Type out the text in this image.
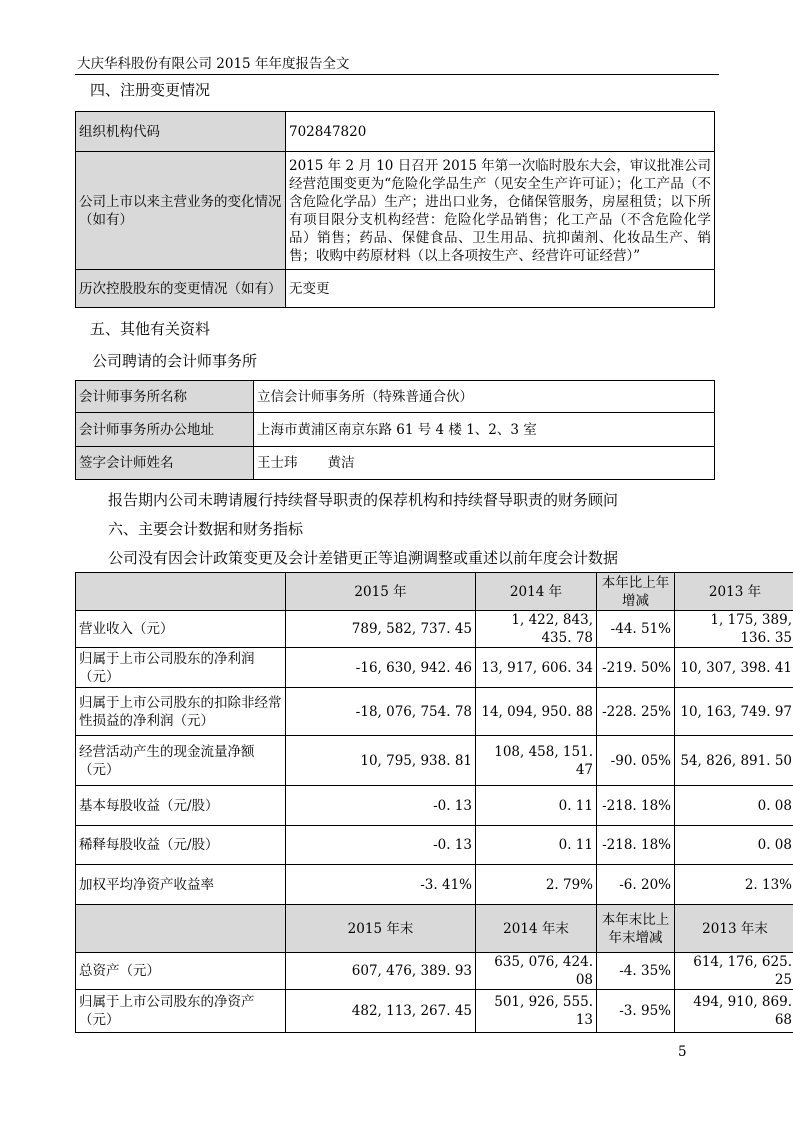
大庆华科股份有限公司 2015 年年度报告全文
四、注册变更情况
组织机构代码	702847820
公司上市以来主营业务的变化情况（如有）	2015 年 2 月 10 日召开 2015 年第一次临时股东大会，审议批准公司经营范围变更为“危险化学品生产（见安全生产许可证）；化工产品（不含危险化学品）生产；进出口业务，仓储保管服务，房屋租赁；以下所有项目限分支机构经营：危险化学品销售；化工产品（不含危险化学品）销售；药品、保健食品、卫生用品、抗抑菌剂、化妆品生产、销售；收购中药原材料（以上各项按生产、经营许可证经营）”
历次控股股东的变更情况（如有）	无变更
五、其他有关资料
公司聘请的会计师事务所
会计师事务所名称	立信会计师事务所（特殊普通合伙）
会计师事务所办公地址	上海市黄浦区南京东路 61 号 4 楼 1、2、3 室
签字会计师姓名	王士玮 黄洁
报告期内公司未聘请履行持续督导职责的保荐机构和持续督导职责的财务顾问
六、主要会计数据和财务指标
公司没有因会计政策变更及会计差错更正等追溯调整或重述以前年度会计数据
	2015 年	2014 年	本年比上年增减	2013 年
营业收入（元）	789, 582, 737. 45	1, 422, 843, 435. 78	-44. 51%	1, 175, 389, 136. 35
归属于上市公司股东的净利润（元）	-16, 630, 942. 46	13, 917, 606. 34	-219. 50%	10, 307, 398. 41
归属于上市公司股东的扣除非经常性损益的净利润（元）	-18, 076, 754. 78	14, 094, 950. 88	-228. 25%	10, 163, 749. 97
经营活动产生的现金流量净额（元）	10, 795, 938. 81	108, 458, 151. 47	-90. 05%	54, 826, 891. 50
基本每股收益（元/股）	-0. 13	0. 11	-218. 18%	0. 08
稀释每股收益（元/股）	-0. 13	0. 11	-218. 18%	0. 08
加权平均净资产收益率	-3. 41%	2. 79%	-6. 20%	2. 13%
	2015 年末	2014 年末	本年末比上年末增减	2013 年末
总资产（元）	607, 476, 389. 93	635, 076, 424. 08	-4. 35%	614, 176, 625. 25
归属于上市公司股东的净资产（元）	482, 113, 267. 45	501, 926, 555. 13	-3. 95%	494, 910, 869. 68
5
